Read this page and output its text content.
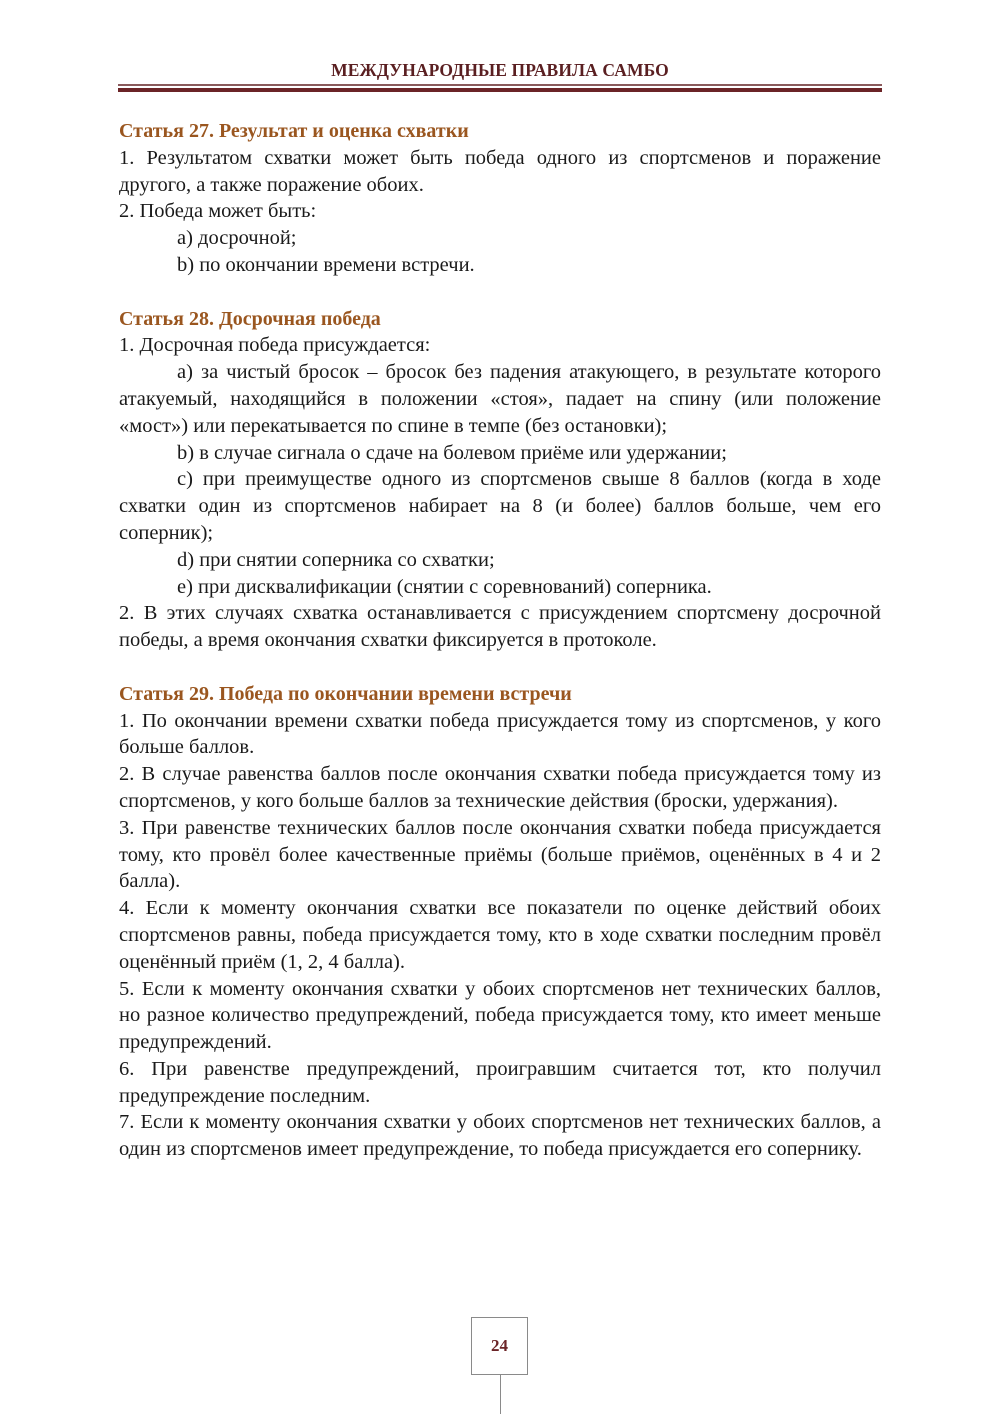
МЕЖДУНАРОДНЫЕ ПРАВИЛА САМБО
Статья 27. Результат и оценка схватки

1. Результатом схватки может быть победа одного из спортсменов и поражение другого, а также поражение обоих.

2. Победа может быть:

a) досрочной;

b) по окончании времени встречи.

Статья 28. Досрочная победа

1. Досрочная победа присуждается:

a) за чистый бросок – бросок без падения атакующего, в результате которого атакуемый, находящийся в положении «стоя», падает на спину (или положение «мост») или перекатывается по спине в темпе (без остановки);

b) в случае сигнала о сдаче на болевом приёме или удержании;

c) при преимуществе одного из спортсменов свыше 8 баллов (когда в ходе схватки один из спортсменов набирает на 8 (и более) баллов больше, чем его соперник);

d) при снятии соперника со схватки;

e) при дисквалификации (снятии с соревнований) соперника.

2. В этих случаях схватка останавливается с присуждением спортсмену досрочной победы, а время окончания схватки фиксируется в протоколе.

Статья 29. Победа по окончании времени встречи

1. По окончании времени схватки победа присуждается тому из спортсменов, у кого больше баллов.

2. В случае равенства баллов после окончания схватки победа присуждается тому из спортсменов, у кого больше баллов за технические действия (броски, удержания).

3. При равенстве технических баллов после окончания схватки победа присуждается тому, кто провёл более качественные приёмы (больше приёмов, оценённых в 4 и 2 балла).

4. Если к моменту окончания схватки все показатели по оценке действий обоих спортсменов равны, победа присуждается тому, кто в ходе схватки последним провёл оценённый приём (1, 2, 4 балла).

5. Если к моменту окончания схватки у обоих спортсменов нет технических баллов, но разное количество предупреждений, победа присуждается тому, кто имеет меньше предупреждений.

6. При равенстве предупреждений, проигравшим считается тот, кто получил предупреждение последним.

7. Если к моменту окончания схватки у обоих спортсменов нет технических баллов, а один из спортсменов имеет предупреждение, то победа присуждается его сопернику.

24
